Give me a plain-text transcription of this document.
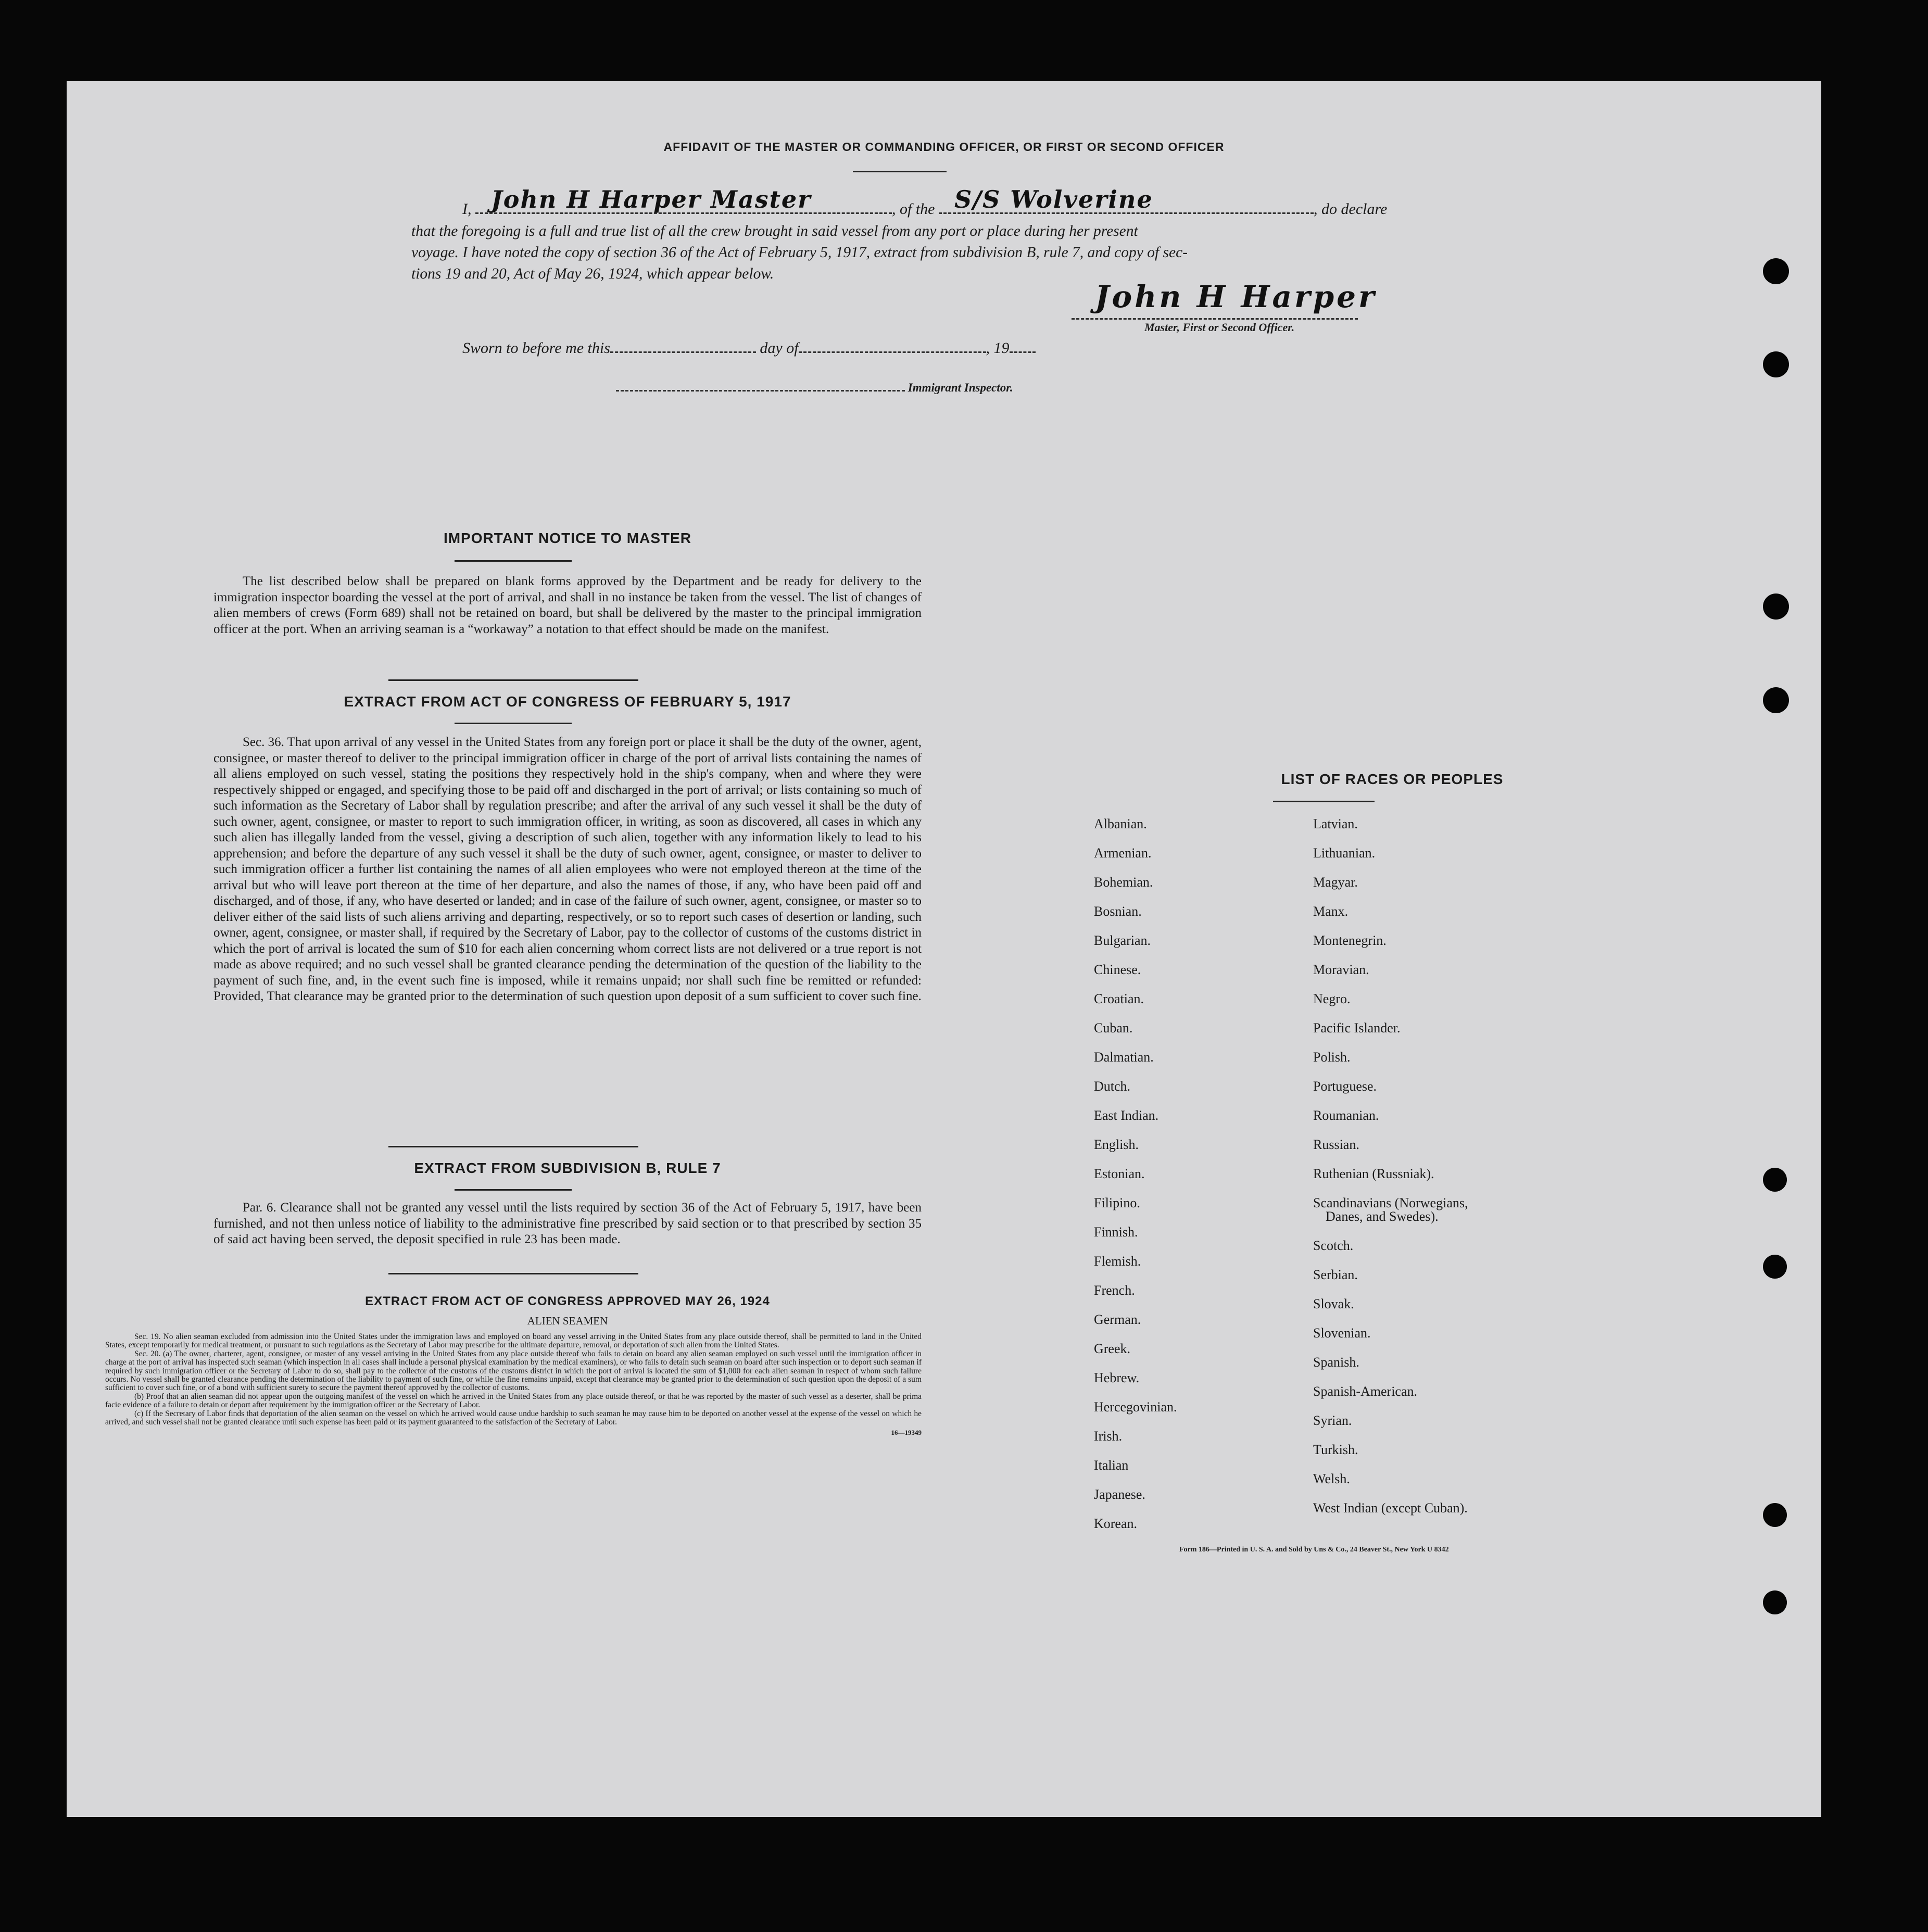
AFFIDAVIT OF THE MASTER OR COMMANDING OFFICER, OR FIRST OR SECOND OFFICER
I, John H Harper Master	, of the S/S Wolverine	, do declare
that the foregoing is a full and true list of all the crew brought in said vessel from any port or place during her present
voyage. I have noted the copy of section 36 of the Act of February 5, 1917, extract from subdivision B, rule 7, and copy of sec-
tions 19 and 20, Act of May 26, 1924, which appear below.
John H Harper
Master, First or Second Officer.
Sworn to before me this	day of	, 19
Immigrant Inspector.
IMPORTANT NOTICE TO MASTER
The list described below shall be prepared on blank forms approved by the Department and be ready for delivery to the immigration inspector boarding the vessel at the port of arrival, and shall in no instance be taken from the vessel. The list of changes of alien members of crews (Form 689) shall not be retained on board, but shall be delivered by the master to the principal immigration officer at the port. When an arriving seaman is a “workaway” a notation to that effect should be made on the manifest.
EXTRACT FROM ACT OF CONGRESS OF FEBRUARY 5, 1917
Sec. 36. That upon arrival of any vessel in the United States from any foreign port or place it shall be the duty of the owner, agent, consignee, or master thereof to deliver to the principal immigration officer in charge of the port of arrival lists containing the names of all aliens employed on such vessel, stating the positions they respectively hold in the ship's company, when and where they were respectively shipped or engaged, and specifying those to be paid off and discharged in the port of arrival; or lists containing so much of such information as the Secretary of Labor shall by regulation prescribe; and after the arrival of any such vessel it shall be the duty of such owner, agent, consignee, or master to report to such immigration officer, in writing, as soon as discovered, all cases in which any such alien has illegally landed from the vessel, giving a description of such alien, together with any information likely to lead to his apprehension; and before the departure of any such vessel it shall be the duty of such owner, agent, consignee, or master to deliver to such immigration officer a further list containing the names of all alien employees who were not employed thereon at the time of the arrival but who will leave port thereon at the time of her departure, and also the names of those, if any, who have been paid off and discharged, and of those, if any, who have deserted or landed; and in case of the failure of such owner, agent, consignee, or master so to deliver either of the said lists of such aliens arriving and departing, respectively, or so to report such cases of desertion or landing, such owner, agent, consignee, or master shall, if required by the Secretary of Labor, pay to the collector of customs of the customs district in which the port of arrival is located the sum of $10 for each alien concerning whom correct lists are not delivered or a true report is not made as above required; and no such vessel shall be granted clearance pending the determination of the question of the liability to the payment of such fine, and, in the event such fine is imposed, while it remains unpaid; nor shall such fine be remitted or refunded: Provided, That clearance may be granted prior to the determination of such question upon deposit of a sum sufficient to cover such fine.
EXTRACT FROM SUBDIVISION B, RULE 7
Par. 6. Clearance shall not be granted any vessel until the lists required by section 36 of the Act of February 5, 1917, have been furnished, and not then unless notice of liability to the administrative fine prescribed by said section or to that prescribed by section 35 of said act having been served, the deposit specified in rule 23 has been made.
EXTRACT FROM ACT OF CONGRESS APPROVED MAY 26, 1924
ALIEN SEAMEN
Sec. 19. No alien seaman excluded from admission into the United States under the immigration laws and employed on board any vessel arriving in the United States from any place outside thereof, shall be permitted to land in the United States, except temporarily for medical treatment, or pursuant to such regulations as the Secretary of Labor may prescribe for the ultimate departure, removal, or deportation of such alien from the United States.
Sec. 20. (a) The owner, charterer, agent, consignee, or master of any vessel arriving in the United States from any place outside thereof who fails to detain on board any alien seaman employed on such vessel until the immigration officer in charge at the port of arrival has inspected such seaman (which inspection in all cases shall include a personal physical examination by the medical examiners), or who fails to detain such seaman on board after such inspection or to deport such seaman if required by such immigration officer or the Secretary of Labor to do so, shall pay to the collector of the customs of the customs district in which the port of arrival is located the sum of $1,000 for each alien seaman in respect of whom such failure occurs. No vessel shall be granted clearance pending the determination of the liability to payment of such fine, or while the fine remains unpaid, except that clearance may be granted prior to the determination of such question upon the deposit of a sum sufficient to cover such fine, or of a bond with sufficient surety to secure the payment thereof approved by the collector of customs.
(b) Proof that an alien seaman did not appear upon the outgoing manifest of the vessel on which he arrived in the United States from any place outside thereof, or that he was reported by the master of such vessel as a deserter, shall be prima facie evidence of a failure to detain or deport after requirement by the immigration officer or the Secretary of Labor.
(c) If the Secretary of Labor finds that deportation of the alien seaman on the vessel on which he arrived would cause undue hardship to such seaman he may cause him to be deported on another vessel at the expense of the vessel on which he arrived, and such vessel shall not be granted clearance until such expense has been paid or its payment guaranteed to the satisfaction of the Secretary of Labor.
16—19349
LIST OF RACES OR PEOPLES
Albanian.
Armenian.
Bohemian.
Bosnian.
Bulgarian.
Chinese.
Croatian.
Cuban.
Dalmatian.
Dutch.
East Indian.
English.
Estonian.
Filipino.
Finnish.
Flemish.
French.
German.
Greek.
Hebrew.
Hercegovinian.
Irish.
Italian
Japanese.
Korean.
Latvian.
Lithuanian.
Magyar.
Manx.
Montenegrin.
Moravian.
Negro.
Pacific Islander.
Polish.
Portuguese.
Roumanian.
Russian.
Ruthenian (Russniak).
Scandinavians (Norwegians,
Danes, and Swedes).
Scotch.
Serbian.
Slovak.
Slovenian.
Spanish.
Spanish-American.
Syrian.
Turkish.
Welsh.
West Indian (except Cuban).
Form 186—Printed in U. S. A. and Sold by Uns & Co., 24 Beaver St., New York U 8342
